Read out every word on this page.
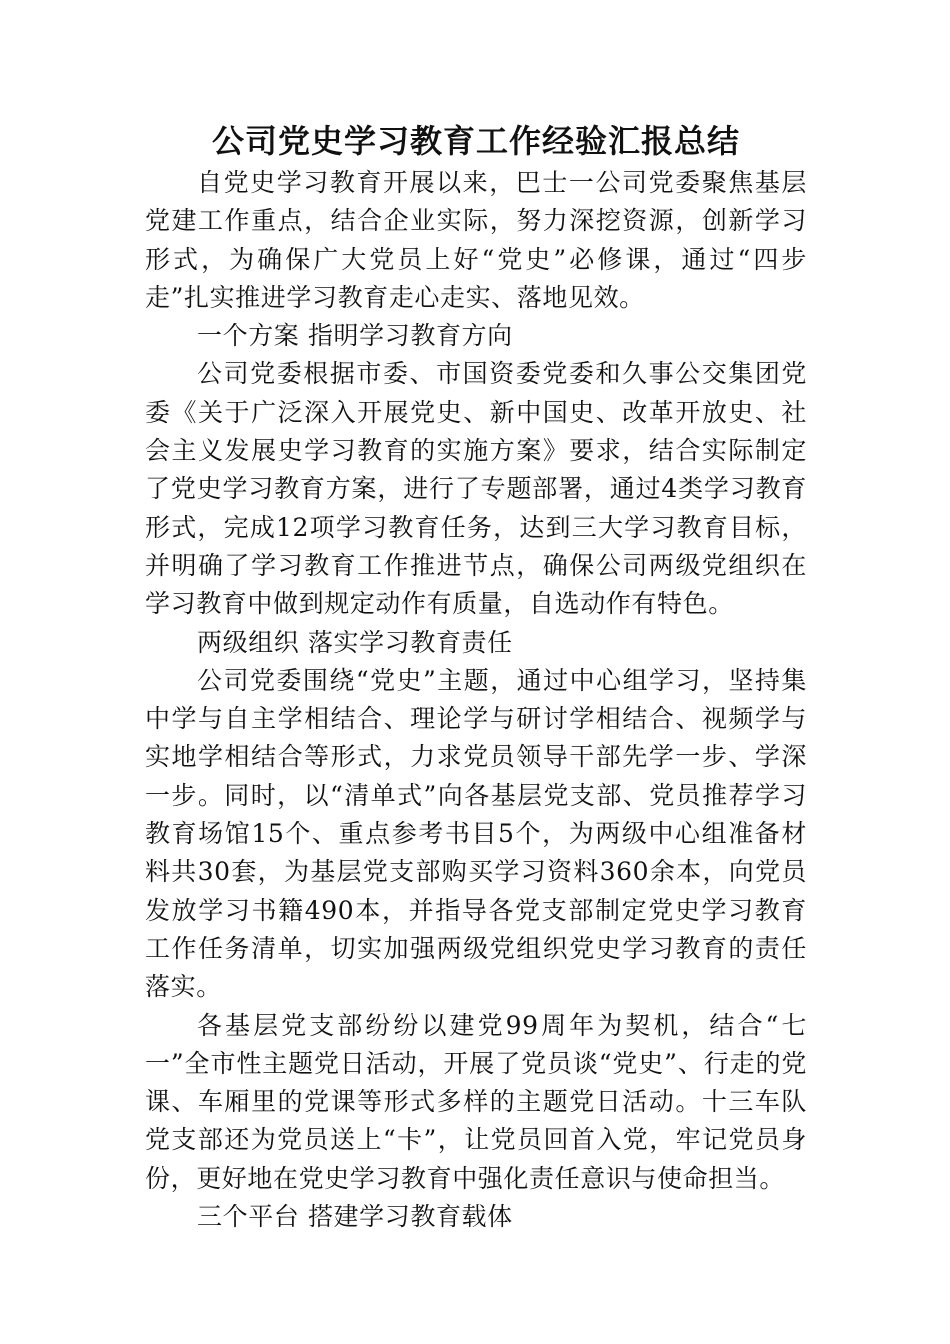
公司党史学习教育工作经验汇报总结

自党史学习教育开展以来，巴士一公司党委聚焦基层党建工作重点，结合企业实际，努力深挖资源，创新学习形式，为确保广大党员上好“党史”必修课，通过“四步走”扎实推进学习教育走心走实、落地见效。

一个方案 指明学习教育方向

公司党委根据市委、市国资委党委和久事公交集团党委《关于广泛深入开展党史、新中国史、改革开放史、社会主义发展史学习教育的实施方案》要求，结合实际制定了党史学习教育方案，进行了专题部署，通过4类学习教育形式，完成12项学习教育任务，达到三大学习教育目标，并明确了学习教育工作推进节点，确保公司两级党组织在学习教育中做到规定动作有质量，自选动作有特色。

两级组织 落实学习教育责任

公司党委围绕“党史”主题，通过中心组学习，坚持集中学与自主学相结合、理论学与研讨学相结合、视频学与实地学相结合等形式，力求党员领导干部先学一步、学深一步。同时，以“清单式”向各基层党支部、党员推荐学习教育场馆15个、重点参考书目5个，为两级中心组准备材料共30套，为基层党支部购买学习资料360余本，向党员发放学习书籍490本，并指导各党支部制定党史学习教育工作任务清单，切实加强两级党组织党史学习教育的责任落实。

各基层党支部纷纷以建党99周年为契机，结合“七一”全市性主题党日活动，开展了党员谈“党史”、行走的党课、车厢里的党课等形式多样的主题党日活动。十三车队党支部还为党员送上“卡”，让党员回首入党，牢记党员身份，更好地在党史学习教育中强化责任意识与使命担当。

三个平台 搭建学习教育载体
